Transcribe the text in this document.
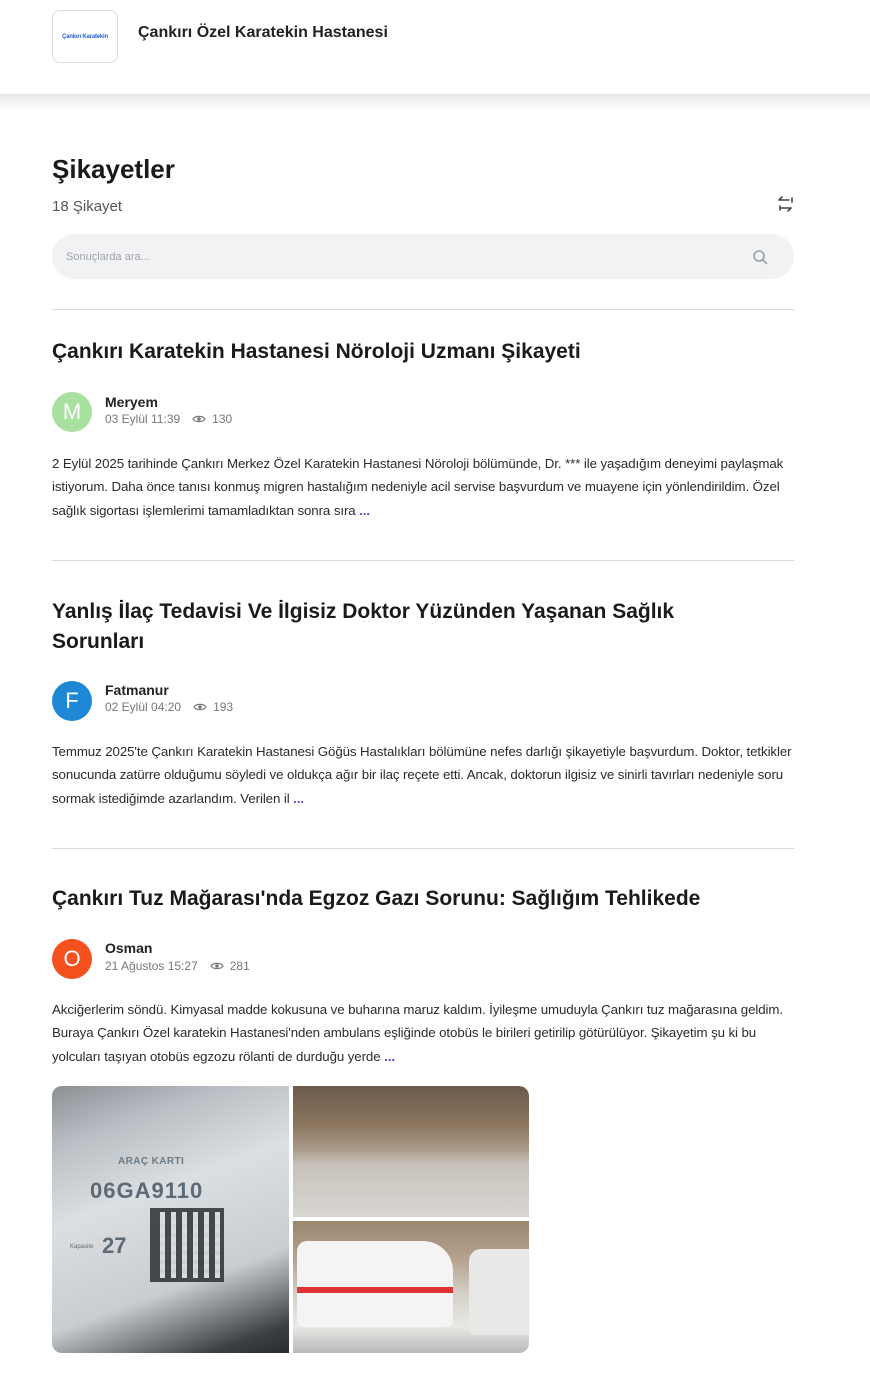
Çankırı Karatekin Çankırı Özel Karatekin Hastanesi
Şikayetler
18 Şikayet
Sonuçlarda ara...
Çankırı Karatekin Hastanesi Nöroloji Uzmanı Şikayeti
M Meryem
03 Eylül 11:39	130
2 Eylül 2025 tarihinde Çankırı Merkez Özel Karatekin Hastanesi Nöroloji bölümünde, Dr. *** ile yaşadığım deneyimi paylaşmak istiyorum. Daha önce tanısı konmuş migren hastalığım nedeniyle acil servise başvurdum ve muayene için yönlendirildim. Özel sağlık sigortası işlemlerimi tamamladıktan sonra sıra ...
Yanlış İlaç Tedavisi Ve İlgisiz Doktor Yüzünden Yaşanan Sağlık Sorunları
F Fatmanur
02 Eylül 04:20	193
Temmuz 2025'te Çankırı Karatekin Hastanesi Göğüs Hastalıkları bölümüne nefes darlığı şikayetiyle başvurdum. Doktor, tetkikler sonucunda zatürre olduğumu söyledi ve oldukça ağır bir ilaç reçete etti. Ancak, doktorun ilgisiz ve sinirli tavırları nedeniyle soru sormak istediğimde azarlandım. Verilen il ...
Çankırı Tuz Mağarası'nda Egzoz Gazı Sorunu: Sağlığım Tehlikede
O Osman
21 Ağustos 15:27	281
Akciğerlerim söndü. Kimyasal madde kokusuna ve buharına maruz kaldım. İyileşme umuduyla Çankırı tuz mağarasına geldim. Buraya Çankırı Özel karatekin Hastanesi'nden ambulans eşliğinde otobüs le birileri getirilip götürülüyor. Şikayetim şu ki bu yolcuları taşıyan otobüs egzozu rölanti de durduğu yerde ...
ARAÇ KARTI
06GA9110
Kapasite 27
